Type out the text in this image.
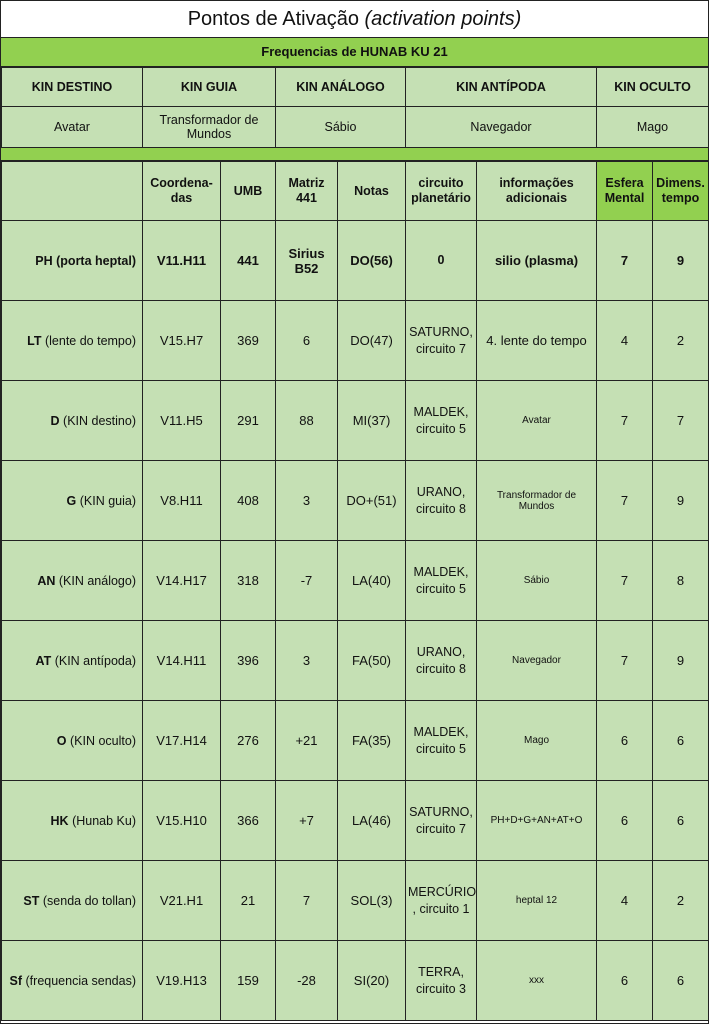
Pontos de Ativação (activation points)
Frequencias de HUNAB KU 21
KIN DESTINO	KIN GUIA	KIN ANÁLOGO	KIN ANTÍPODA	KIN OCULTO
Avatar	Transformador de Mundos	Sábio	Navegador	Mago
	Coordena-das	UMB	Matriz 441	Notas	circuito planetário	informações adicionais	Esfera Mental	Dimens. tempo
PH (porta heptal)	V11.H11	441	Sirius B52	DO(56)	0	silio (plasma)	7	9
LT (lente do tempo)	V15.H7	369	6	DO(47)	SATURNO, circuito 7	4. lente do tempo	4	2
D (KIN destino)	V11.H5	291	88	MI(37)	MALDEK, circuito 5	Avatar	7	7
G (KIN guia)	V8.H11	408	3	DO+(51)	URANO, circuito 8	Transformador de Mundos	7	9
AN (KIN análogo)	V14.H17	318	-7	LA(40)	MALDEK, circuito 5	Sábio	7	8
AT (KIN antípoda)	V14.H11	396	3	FA(50)	URANO, circuito 8	Navegador	7	9
O (KIN oculto)	V17.H14	276	+21	FA(35)	MALDEK, circuito 5	Mago	6	6
HK (Hunab Ku)	V15.H10	366	+7	LA(46)	SATURNO, circuito 7	PH+D+G+AN+AT+O	6	6
ST (senda do tollan)	V21.H1	21	7	SOL(3)	MERCÚRIO , circuito 1	heptal 12	4	2
Sf (frequencia sendas)	V19.H13	159	-28	SI(20)	TERRA, circuito 3	xxx	6	6
